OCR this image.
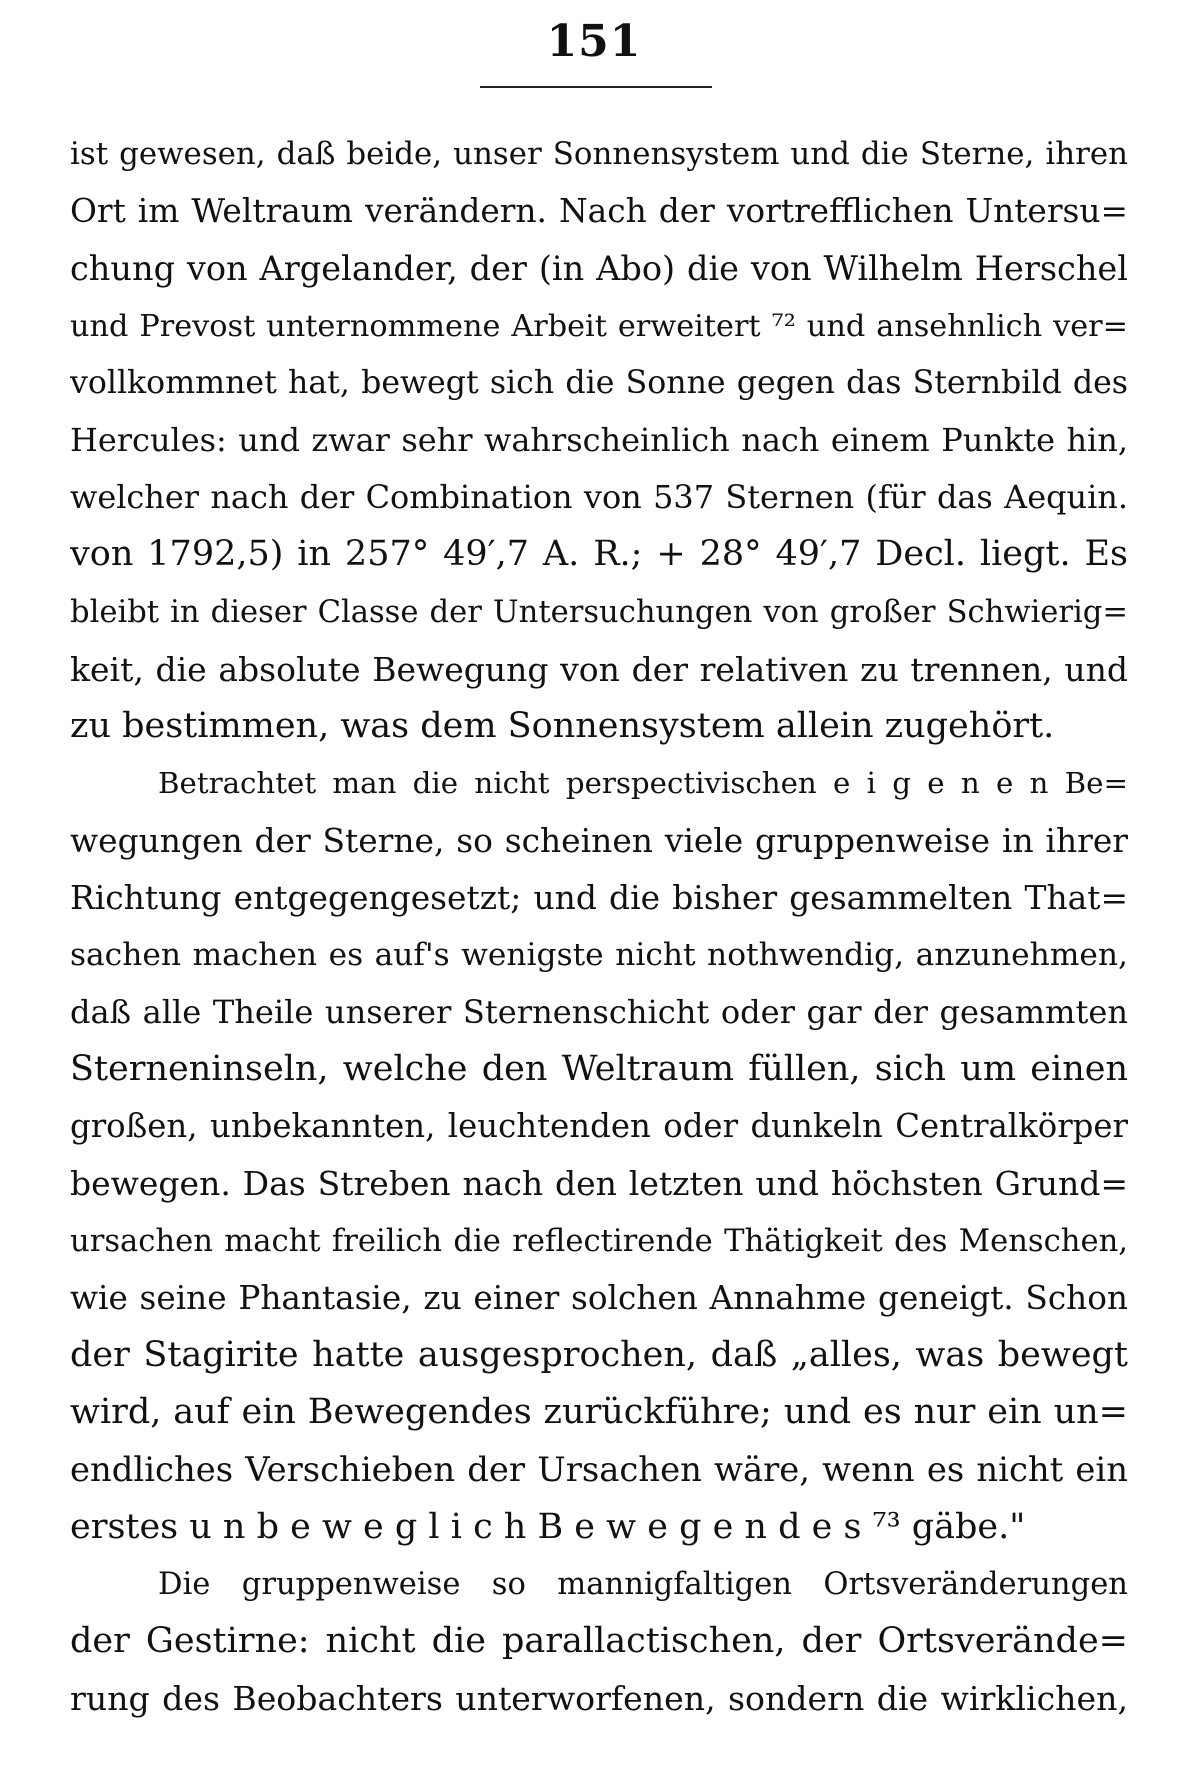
151
ist gewesen, daß beide, unser Sonnensystem und die Sterne, ihren
Ort im Weltraum verändern. Nach der vortrefflichen Untersu=
chung von Argelander, der (in Abo) die von Wilhelm Herschel
und Prevost unternommene Arbeit erweitert ⁷² und ansehnlich ver=
vollkommnet hat, bewegt sich die Sonne gegen das Sternbild des
Hercules: und zwar sehr wahrscheinlich nach einem Punkte hin,
welcher nach der Combination von 537 Sternen (für das Aequin.
von 1792,5) in 257° 49′,7 A. R.; + 28° 49′,7 Decl. liegt. Es
bleibt in dieser Classe der Untersuchungen von großer Schwierig=
keit, die absolute Bewegung von der relativen zu trennen, und
zu bestimmen, was dem Sonnensystem allein zugehört.
Betrachtet man die nicht perspectivischen e i g e n e n Be=
wegungen der Sterne, so scheinen viele gruppenweise in ihrer
Richtung entgegengesetzt; und die bisher gesammelten That=
sachen machen es auf's wenigste nicht nothwendig, anzunehmen,
daß alle Theile unserer Sternenschicht oder gar der gesammten
Sterneninseln, welche den Weltraum füllen, sich um einen
großen, unbekannten, leuchtenden oder dunkeln Centralkörper
bewegen. Das Streben nach den letzten und höchsten Grund=
ursachen macht freilich die reflectirende Thätigkeit des Menschen,
wie seine Phantasie, zu einer solchen Annahme geneigt. Schon
der Stagirite hatte ausgesprochen, daß „alles, was bewegt
wird, auf ein Bewegendes zurückführe; und es nur ein un=
endliches Verschieben der Ursachen wäre, wenn es nicht ein
erstes u n b e w e g l i c h B e w e g e n d e s ⁷³ gäbe."
Die gruppenweise so mannigfaltigen Ortsveränderungen
der Gestirne: nicht die parallactischen, der Ortsverände=
rung des Beobachters unterworfenen, sondern die wirklichen,
